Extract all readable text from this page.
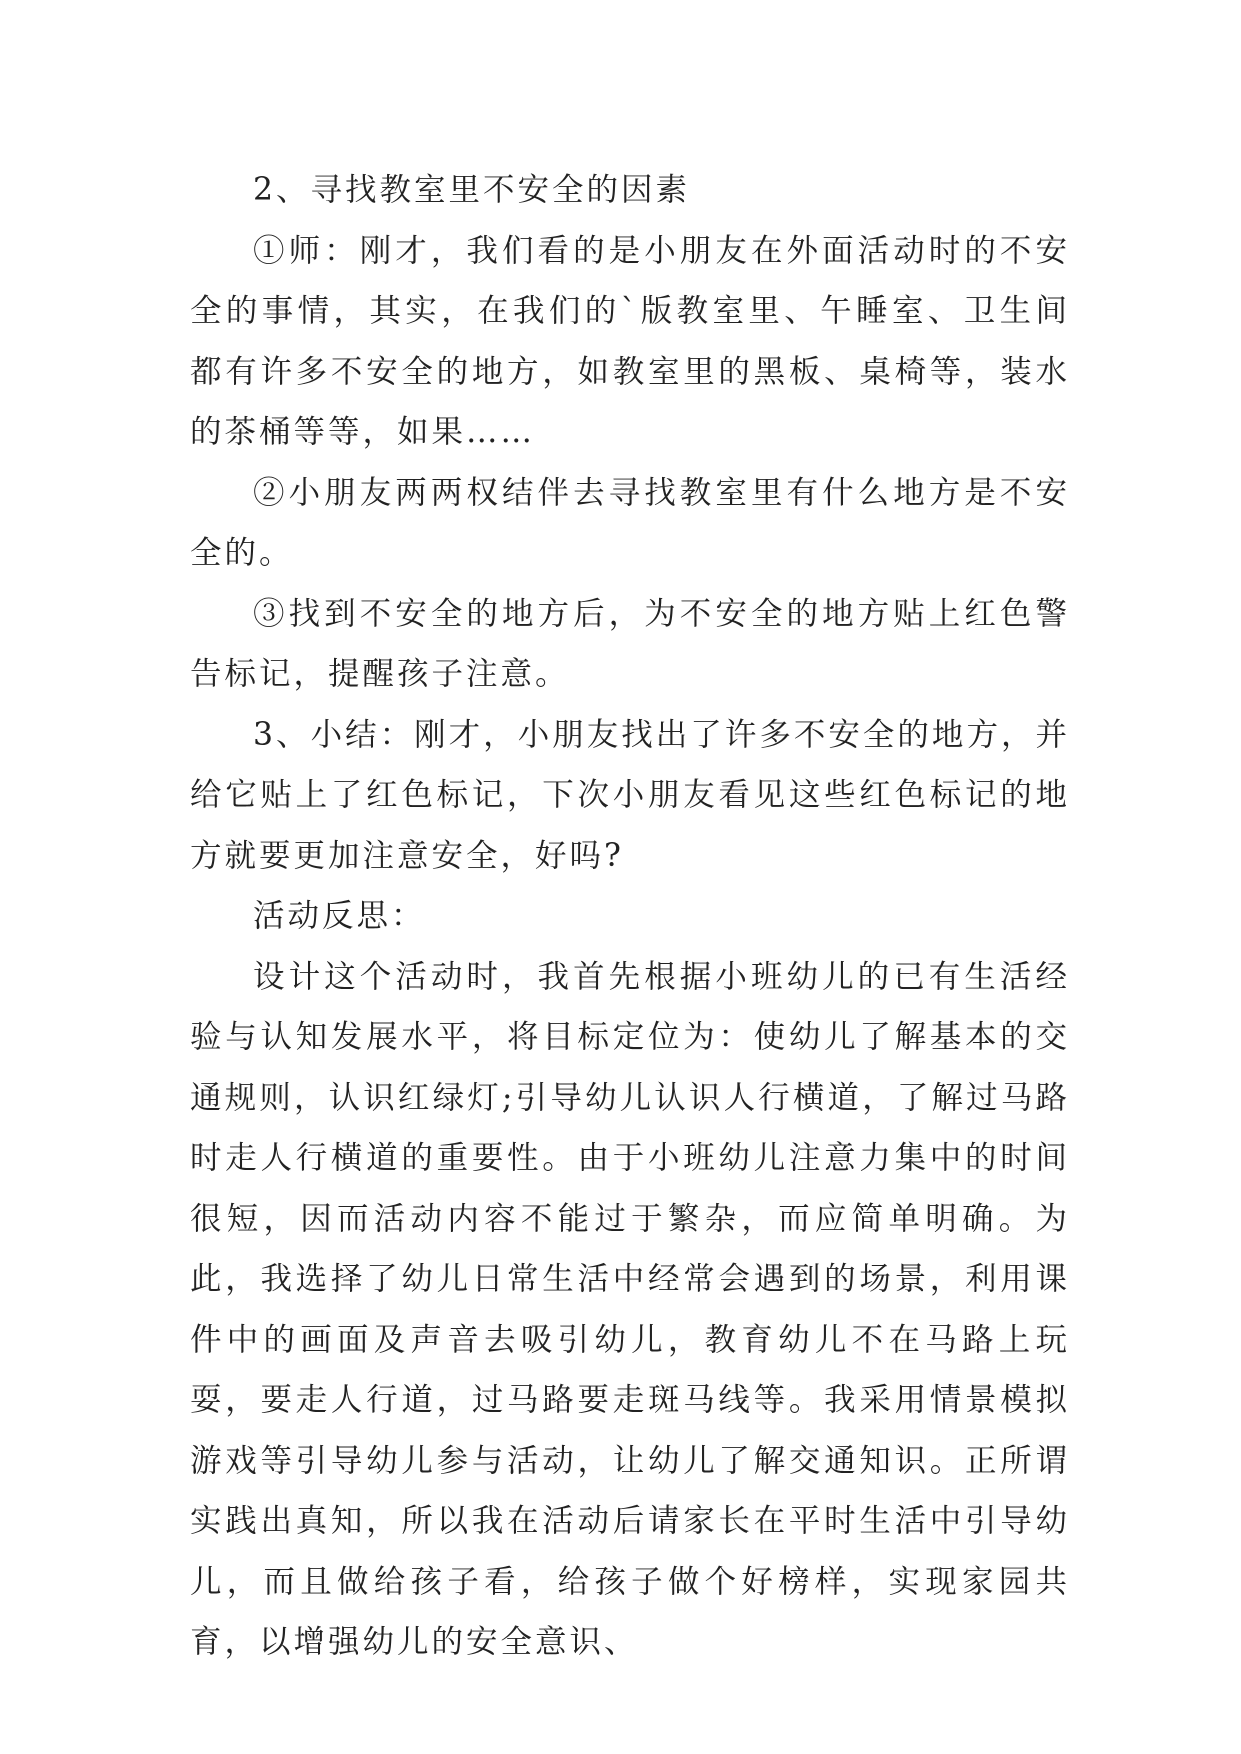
2、寻找教室里不安全的因素

①师：刚才，我们看的是小朋友在外面活动时的不安全的事情，其实，在我们的`版教室里、午睡室、卫生间都有许多不安全的地方，如教室里的黑板、桌椅等，装水的茶桶等等，如果……

②小朋友两两权结伴去寻找教室里有什么地方是不安全的。

③找到不安全的地方后，为不安全的地方贴上红色警告标记，提醒孩子注意。

3、小结：刚才，小朋友找出了许多不安全的地方，并给它贴上了红色标记，下次小朋友看见这些红色标记的地方就要更加注意安全，好吗?

活动反思：

设计这个活动时，我首先根据小班幼儿的已有生活经验与认知发展水平，将目标定位为：使幼儿了解基本的交通规则，认识红绿灯;引导幼儿认识人行横道，了解过马路时走人行横道的重要性。由于小班幼儿注意力集中的时间很短，因而活动内容不能过于繁杂，而应简单明确。为此，我选择了幼儿日常生活中经常会遇到的场景，利用课件中的画面及声音去吸引幼儿，教育幼儿不在马路上玩耍，要走人行道，过马路要走斑马线等。我采用情景模拟游戏等引导幼儿参与活动，让幼儿了解交通知识。正所谓实践出真知，所以我在活动后请家长在平时生活中引导幼儿，而且做给孩子看，给孩子做个好榜样，实现家园共育，以增强幼儿的安全意识、
